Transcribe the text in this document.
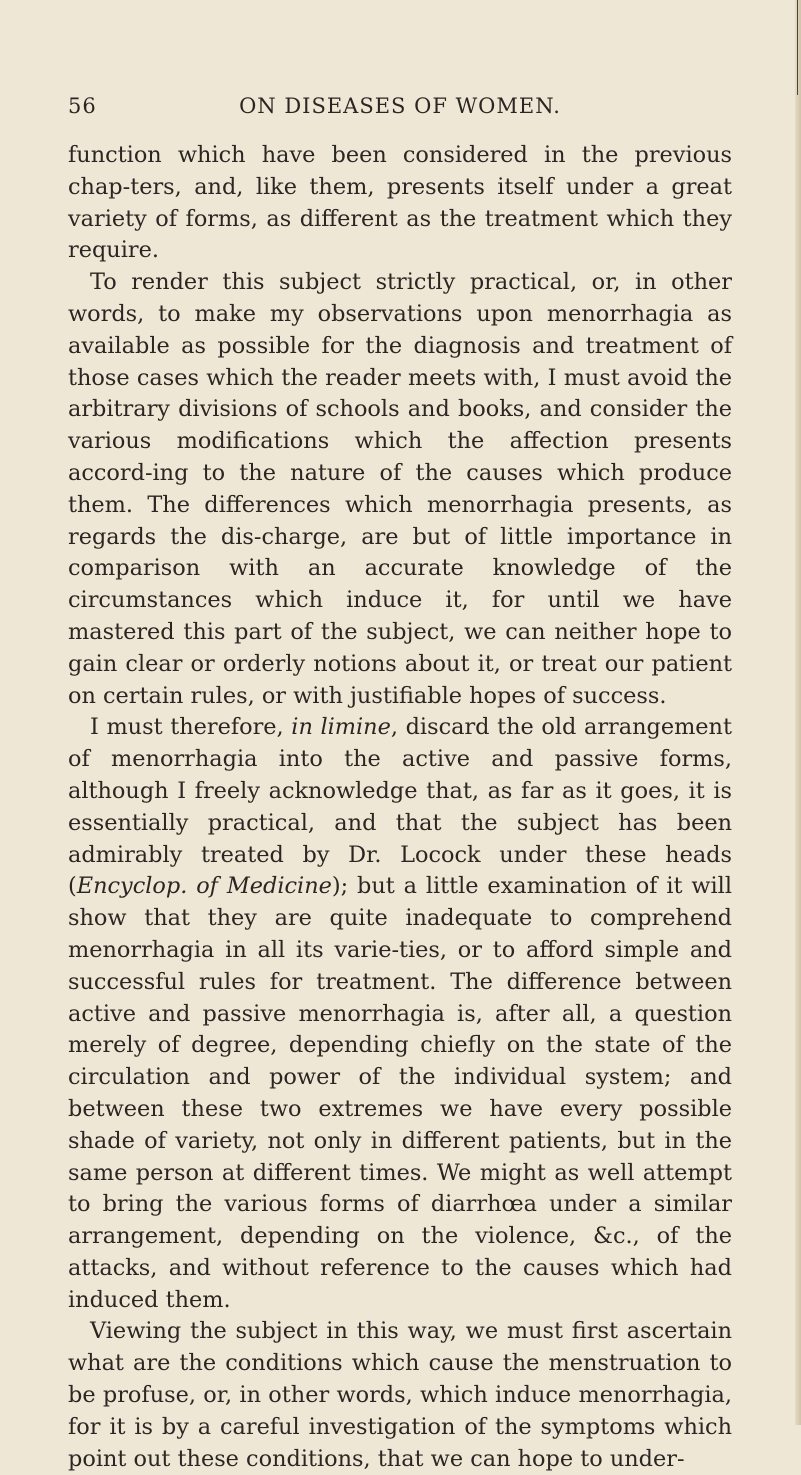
56	ON DISEASES OF WOMEN.

function which have been considered in the previous chap-ters, and, like them, presents itself under a great variety of forms, as different as the treatment which they require.

To render this subject strictly practical, or, in other words, to make my observations upon menorrhagia as available as possible for the diagnosis and treatment of those cases which the reader meets with, I must avoid the arbitrary divisions of schools and books, and consider the various modifications which the affection presents accord-ing to the nature of the causes which produce them. The differences which menorrhagia presents, as regards the dis-charge, are but of little importance in comparison with an accurate knowledge of the circumstances which induce it, for until we have mastered this part of the subject, we can neither hope to gain clear or orderly notions about it, or treat our patient on certain rules, or with justifiable hopes of success.

I must therefore, in limine, discard the old arrangement of menorrhagia into the active and passive forms, although I freely acknowledge that, as far as it goes, it is essentially practical, and that the subject has been admirably treated by Dr. Locock under these heads (Encyclop. of Medicine); but a little examination of it will show that they are quite inadequate to comprehend menorrhagia in all its varie-ties, or to afford simple and successful rules for treatment. The difference between active and passive menorrhagia is, after all, a question merely of degree, depending chiefly on the state of the circulation and power of the individual system; and between these two extremes we have every possible shade of variety, not only in different patients, but in the same person at different times. We might as well attempt to bring the various forms of diarrhœa under a similar arrangement, depending on the violence, &c., of the attacks, and without reference to the causes which had induced them.

Viewing the subject in this way, we must first ascertain what are the conditions which cause the menstruation to be profuse, or, in other words, which induce menorrhagia, for it is by a careful investigation of the symptoms which point out these conditions, that we can hope to under-
